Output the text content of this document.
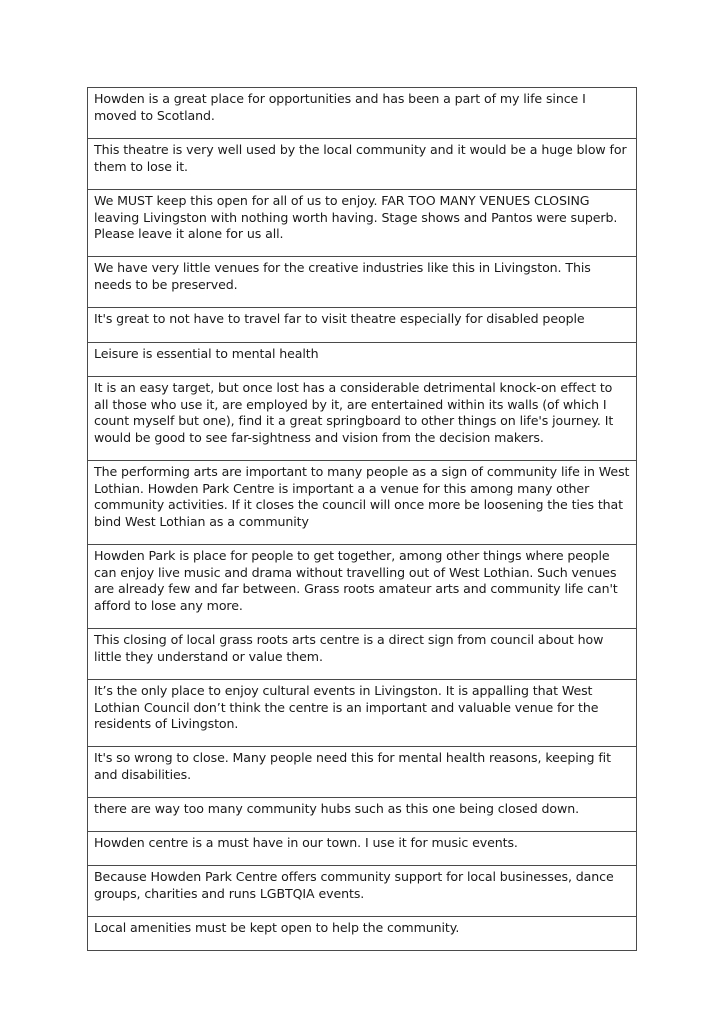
Howden is a great place for opportunities and has been a part of my life since I moved to Scotland.
This theatre is very well used by the local community and it would be a huge blow for them to lose it.
We MUST keep this open for all of us to enjoy. FAR TOO MANY VENUES CLOSING leaving Livingston with nothing worth having. Stage shows and Pantos were superb. Please leave it alone for us all.
We have very little venues for the creative industries like this in Livingston. This needs to be preserved.
It's great to not have to travel far to visit theatre especially for disabled people
Leisure is essential to mental health
It is an easy target, but once lost has a considerable detrimental knock-on effect to all those who use it, are employed by it, are entertained within its walls (of which I count myself but one), find it a great springboard to other things on life's journey. It would be good to see far-sightness and vision from the decision makers.
The performing arts are important to many people as a sign of community life in West Lothian. Howden Park Centre is important a a venue for this among many other community activities. If it closes the council will once more be loosening the ties that bind West Lothian as a community
Howden Park is place for people to get together, among other things where people can enjoy live music and drama without travelling out of West Lothian. Such venues are already few and far between. Grass roots amateur arts and community life can't afford to lose any more.
This closing of local grass roots arts centre is a direct sign from council about how little they understand or value them.
It’s the only place to enjoy cultural events in Livingston. It is appalling that West Lothian Council don’t think the centre is an important and valuable venue for the residents of Livingston.
It's so wrong to close. Many people need this for mental health reasons, keeping fit and disabilities.
there are way too many community hubs such as this one being closed down.
Howden centre is a must have in our town. I use it for music events.
Because Howden Park Centre offers community support for local businesses, dance groups, charities and runs LGBTQIA events.
Local amenities must be kept open to help the community.
